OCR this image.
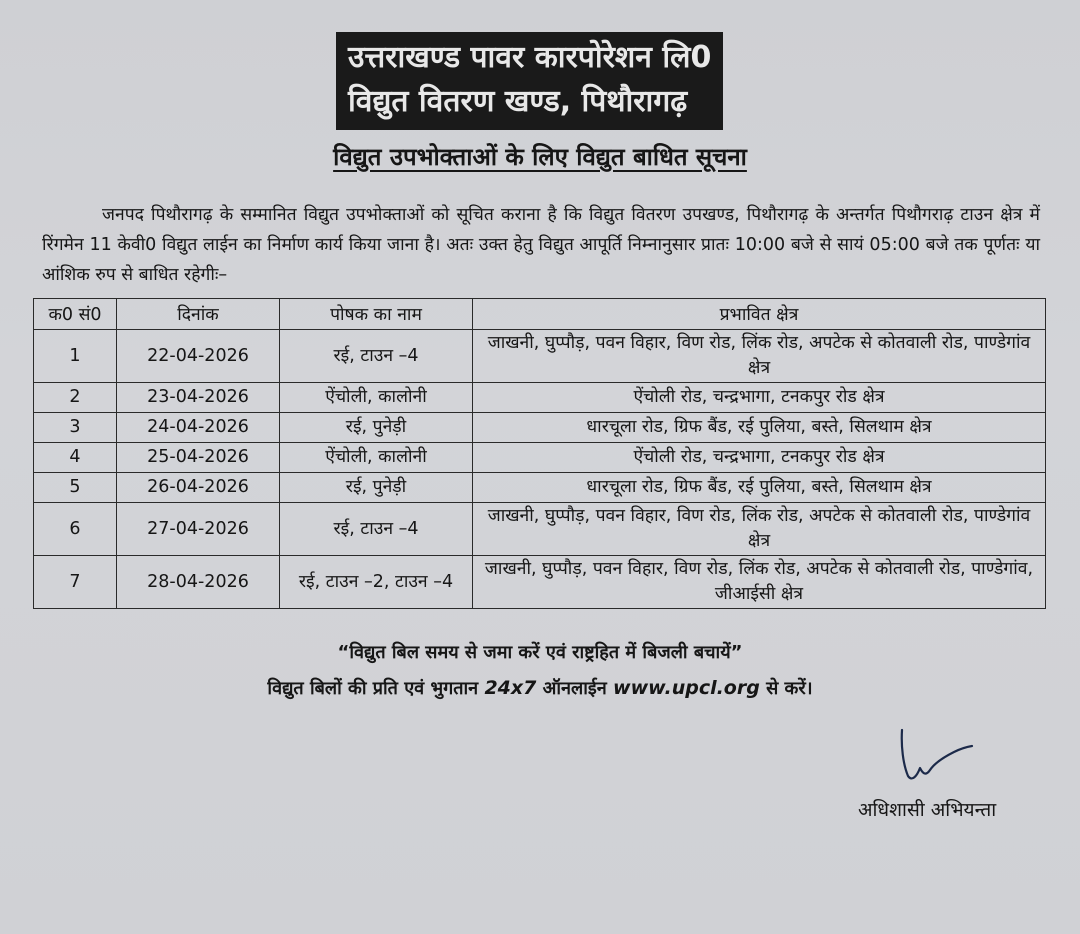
उत्तराखण्ड पावर कारपोरेशन लि0
विद्युत वितरण खण्ड, पिथौरागढ़
विद्युत उपभोक्ताओं के लिए विद्युत बाधित सूचना
जनपद पिथौरागढ़ के सम्मानित विद्युत उपभोक्ताओं को सूचित कराना है कि विद्युत वितरण उपखण्ड, पिथौरागढ़ के अन्तर्गत पिथौगराढ़ टाउन क्षेत्र में रिंगमेन 11 केवी0 विद्युत लाईन का निर्माण कार्य किया जाना है। अतः उक्त हेतु विद्युत आपूर्ति निम्नानुसार प्रातः 10:00 बजे से सायं 05:00 बजे तक पूर्णतः या आंशिक रुप से बाधित रहेगीः–
क0 सं0	दिनांक	पोषक का नाम	प्रभावित क्षेत्र
1	22-04-2026	रई, टाउन –4	जाखनी, घुप्पौड़, पवन विहार, विण रोड, लिंक रोड, अपटेक से कोतवाली रोड, पाण्डेगांव क्षेत्र
2	23-04-2026	ऐंचोली, कालोनी	ऐंचोली रोड, चन्द्रभागा, टनकपुर रोड क्षेत्र
3	24-04-2026	रई, पुनेड़ी	धारचूला रोड, ग्रिफ बैंड, रई पुलिया, बस्ते, सिलथाम क्षेत्र
4	25-04-2026	ऐंचोली, कालोनी	ऐंचोली रोड, चन्द्रभागा, टनकपुर रोड क्षेत्र
5	26-04-2026	रई, पुनेड़ी	धारचूला रोड, ग्रिफ बैंड, रई पुलिया, बस्ते, सिलथाम क्षेत्र
6	27-04-2026	रई, टाउन –4	जाखनी, घुप्पौड़, पवन विहार, विण रोड, लिंक रोड, अपटेक से कोतवाली रोड, पाण्डेगांव क्षेत्र
7	28-04-2026	रई, टाउन –2, टाउन –4	जाखनी, घुप्पौड़, पवन विहार, विण रोड, लिंक रोड, अपटेक से कोतवाली रोड, पाण्डेगांव, जीआईसी क्षेत्र
“विद्युत बिल समय से जमा करें एवं राष्ट्रहित में बिजली बचायें”
विद्युत बिलों की प्रति एवं भुगतान 24x7 ऑनलाईन www.upcl.org से करें।
अधिशासी अभियन्ता
